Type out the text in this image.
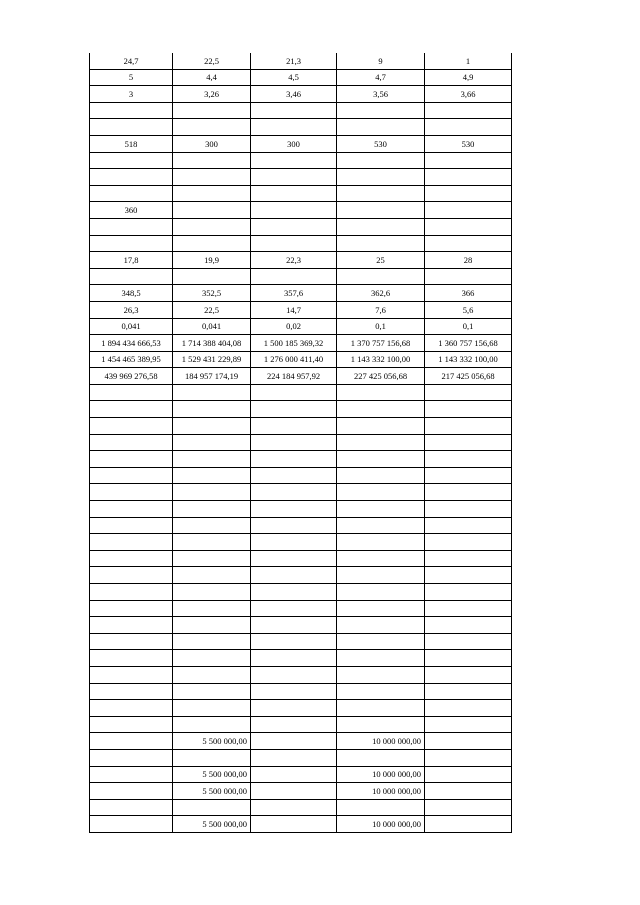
24,7	22,5	21,3	9	1
5	4,4	4,5	4,7	4,9
3	3,26	3,46	3,56	3,66

518	300	300	530	530

360				

17,8	19,9	22,3	25	28

348,5	352,5	357,6	362,6	366
26,3	22,5	14,7	7,6	5,6
0,041	0,041	0,02	0,1	0,1
1 894 434 666,53	1 714 388 404,08	1 500 185 369,32	1 370 757 156,68	1 360 757 156,68
1 454 465 389,95	1 529 431 229,89	1 276 000 411,40	1 143 332 100,00	1 143 332 100,00
439 969 276,58	184 957 174,19	224 184 957,92	227 425 056,68	217 425 056,68

	5 500 000,00		10 000 000,00	

	5 500 000,00		10 000 000,00	
	5 500 000,00		10 000 000,00	

	5 500 000,00		10 000 000,00	
